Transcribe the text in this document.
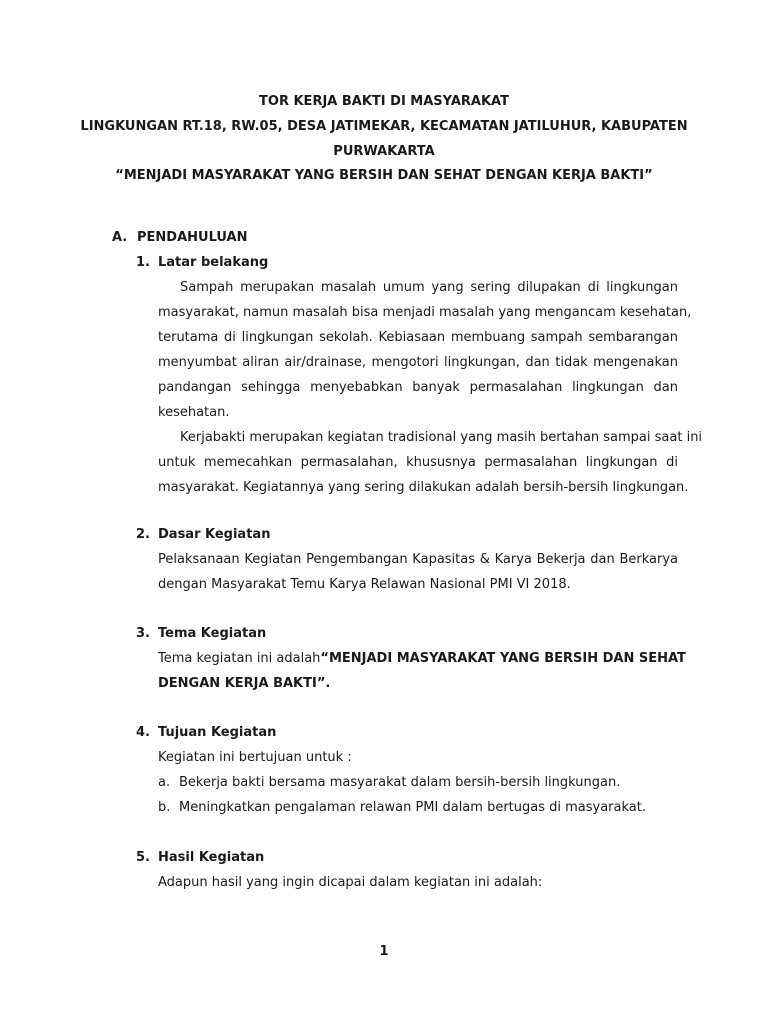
TOR KERJA BAKTI DI MASYARAKAT
LINGKUNGAN RT.18, RW.05, DESA JATIMEKAR, KECAMATAN JATILUHUR, KABUPATEN
PURWAKARTA
“MENJADI MASYARAKAT YANG BERSIH DAN SEHAT DENGAN KERJA BAKTI”
A. PENDAHULUAN
1. Latar belakang
Sampah merupakan masalah umum yang sering dilupakan di lingkungan
masyarakat, namun masalah bisa menjadi masalah yang mengancam kesehatan,
terutama di lingkungan sekolah. Kebiasaan membuang sampah sembarangan
menyumbat aliran air/drainase, mengotori lingkungan, dan tidak mengenakan
pandangan sehingga menyebabkan banyak permasalahan lingkungan dan
kesehatan.
Kerjabakti merupakan kegiatan tradisional yang masih bertahan sampai saat ini
untuk memecahkan permasalahan, khususnya permasalahan lingkungan di
masyarakat. Kegiatannya yang sering dilakukan adalah bersih-bersih lingkungan.
2. Dasar Kegiatan
Pelaksanaan Kegiatan Pengembangan Kapasitas & Karya Bekerja dan Berkarya
dengan Masyarakat Temu Karya Relawan Nasional PMI VI 2018.
3. Tema Kegiatan
Tema kegiatan ini adalah “MENJADI MASYARAKAT YANG BERSIH DAN SEHAT
DENGAN KERJA BAKTI”.
4. Tujuan Kegiatan
Kegiatan ini bertujuan untuk :
a. Bekerja bakti bersama masyarakat dalam bersih-bersih lingkungan.
b. Meningkatkan pengalaman relawan PMI dalam bertugas di masyarakat.
5. Hasil Kegiatan
Adapun hasil yang ingin dicapai dalam kegiatan ini adalah:
1
